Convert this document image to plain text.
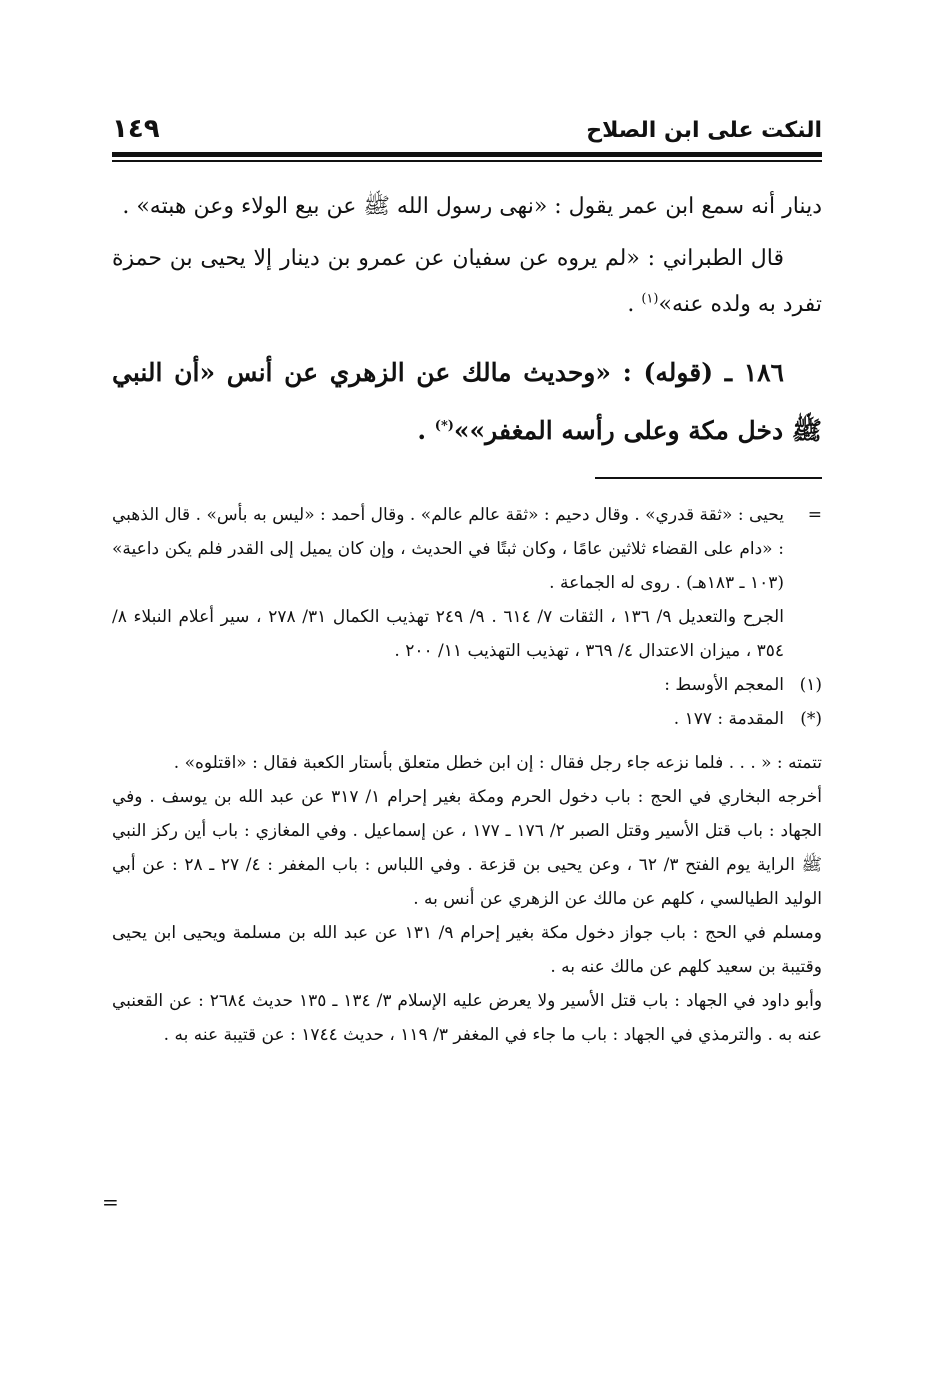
النكت على ابن الصلاح
١٤٩

دينار أنه سمع ابن عمر يقول : «نهى رسول الله ﷺ عن بيع الولاء وعن هبته» .

قال الطبراني : «لم يروه عن سفيان عن عمرو بن دينار إلا يحيى بن حمزة تفرد به ولده عنه»$^{(١)}$ .

١٨٦ ـ (قوله) : «وحديث مالك عن الزهري عن أنس «أن النبي ﷺ دخل مكة وعلى رأسه المغفر»»(*) .

=يحيى : «ثقة قدري» . وقال دحيم : «ثقة عالم عالم» . وقال أحمد : «ليس به بأس» . قال الذهبي : «دام على القضاء ثلاثين عامًا ، وكان ثبتًا في الحديث ، وإن كان يميل إلى القدر فلم يكن داعية» (١٠٣ ـ ١٨٣هـ) . روى له الجماعة .

الجرح والتعديل ٩/ ١٣٦ ، الثقات ٧/ ٦١٤ . ٩/ ٢٤٩ تهذيب الكمال ٣١/ ٢٧٨ ، سير أعلام النبلاء ٨/ ٣٥٤ ، ميزان الاعتدال ٤/ ٣٦٩ ، تهذيب التهذيب ١١/ ٢٠٠ .

(١)المعجم الأوسط :

(*)المقدمة : ١٧٧ .

تتمته : « . . . فلما نزعه جاء رجل فقال : إن ابن خطل متعلق بأستار الكعبة فقال : «اقتلوه» .

أخرجه البخاري في الحج : باب دخول الحرم ومكة بغير إحرام ١/ ٣١٧ عن عبد الله بن يوسف . وفي الجهاد : باب قتل الأسير وقتل الصبر ٢/ ١٧٦ ـ ١٧٧ ، عن إسماعيل . وفي المغازي : باب أين ركز النبي ﷺ الراية يوم الفتح ٣/ ٦٢ ، وعن يحيى بن قزعة . وفي اللباس : باب المغفر : ٤/ ٢٧ ـ ٢٨ : عن أبي الوليد الطيالسي ، كلهم عن مالك عن الزهري عن أنس به .

ومسلم في الحج : باب جواز دخول مكة بغير إحرام ٩/ ١٣١ عن عبد الله بن مسلمة ويحيى ابن يحيى وقتيبة بن سعيد كلهم عن مالك عنه به .

وأبو داود في الجهاد : باب قتل الأسير ولا يعرض عليه الإسلام ٣/ ١٣٤ ـ ١٣٥ حديث ٢٦٨٤ : عن القعنبي عنه به . والترمذي في الجهاد : باب ما جاء في المغفر ٣/ ١١٩ ، حديث ١٧٤٤ : عن قتيبة عنه به .

=
